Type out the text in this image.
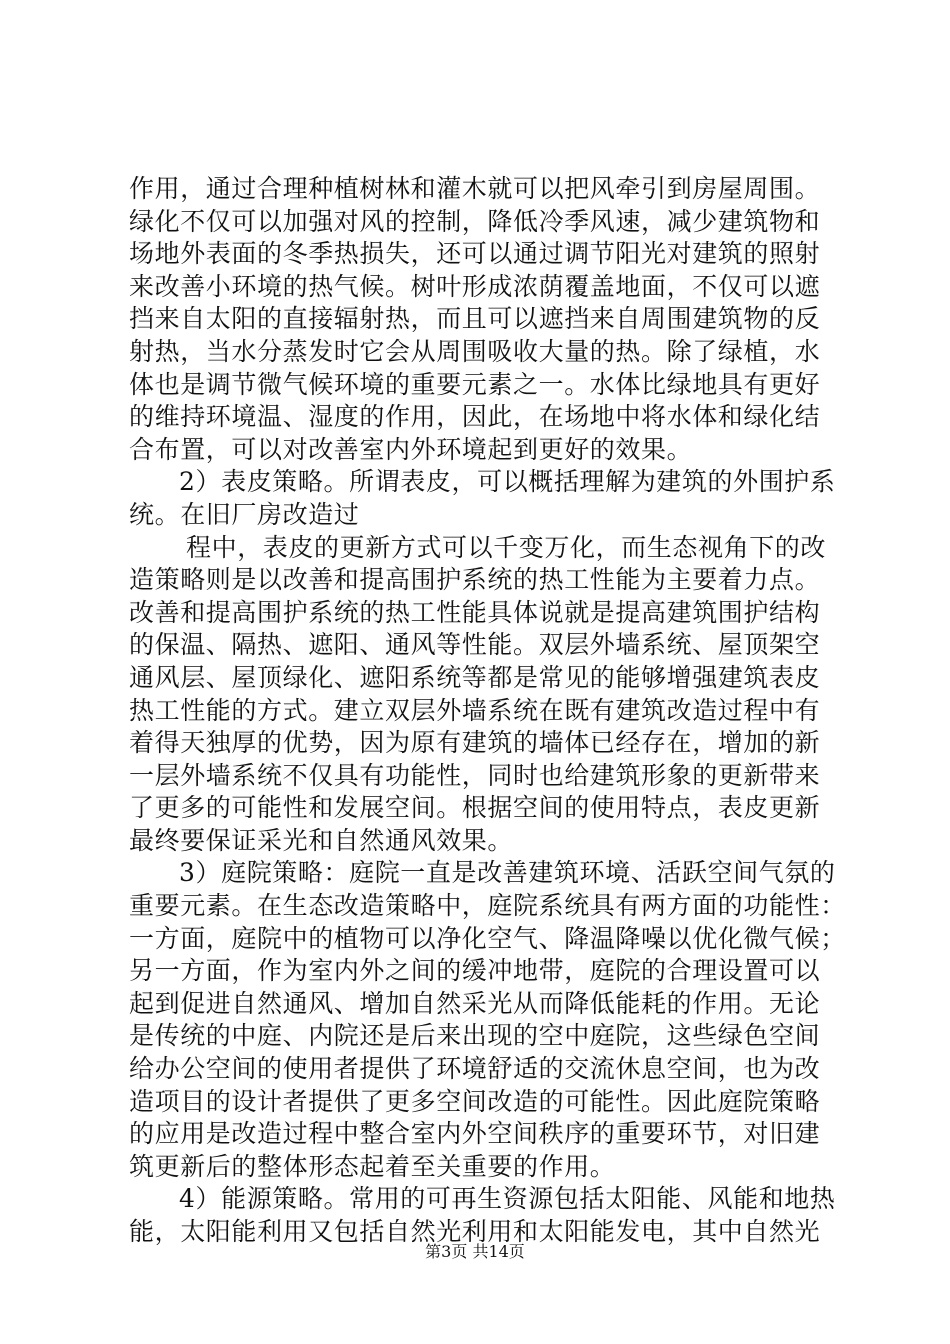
作用，通过合理种植树林和灌木就可以把风牵引到房屋周围。
绿化不仅可以加强对风的控制，降低冷季风速，减少建筑物和
场地外表面的冬季热损失，还可以通过调节阳光对建筑的照射
来改善小环境的热气候。树叶形成浓荫覆盖地面，不仅可以遮
挡来自太阳的直接辐射热，而且可以遮挡来自周围建筑物的反
射热，当水分蒸发时它会从周围吸收大量的热。除了绿植，水
体也是调节微气候环境的重要元素之一。水体比绿地具有更好
的维持环境温、湿度的作用，因此，在场地中将水体和绿化结
合布置，可以对改善室内外环境起到更好的效果。
2）表皮策略。所谓表皮，可以概括理解为建筑的外围护系
统。在旧厂房改造过
程中，表皮的更新方式可以千变万化，而生态视角下的改
造策略则是以改善和提高围护系统的热工性能为主要着力点。
改善和提高围护系统的热工性能具体说就是提高建筑围护结构
的保温、隔热、遮阳、通风等性能。双层外墙系统、屋顶架空
通风层、屋顶绿化、遮阳系统等都是常见的能够增强建筑表皮
热工性能的方式。建立双层外墙系统在既有建筑改造过程中有
着得天独厚的优势，因为原有建筑的墙体已经存在，增加的新
一层外墙系统不仅具有功能性，同时也给建筑形象的更新带来
了更多的可能性和发展空间。根据空间的使用特点，表皮更新
最终要保证采光和自然通风效果。
3）庭院策略：庭院一直是改善建筑环境、活跃空间气氛的
重要元素。在生态改造策略中，庭院系统具有两方面的功能性：
一方面，庭院中的植物可以净化空气、降温降噪以优化微气候；
另一方面，作为室内外之间的缓冲地带，庭院的合理设置可以
起到促进自然通风、增加自然采光从而降低能耗的作用。无论
是传统的中庭、内院还是后来出现的空中庭院，这些绿色空间
给办公空间的使用者提供了环境舒适的交流休息空间，也为改
造项目的设计者提供了更多空间改造的可能性。因此庭院策略
的应用是改造过程中整合室内外空间秩序的重要环节，对旧建
筑更新后的整体形态起着至关重要的作用。
4）能源策略。常用的可再生资源包括太阳能、风能和地热
能，太阳能利用又包括自然光利用和太阳能发电，其中自然光
第3页 共14页
